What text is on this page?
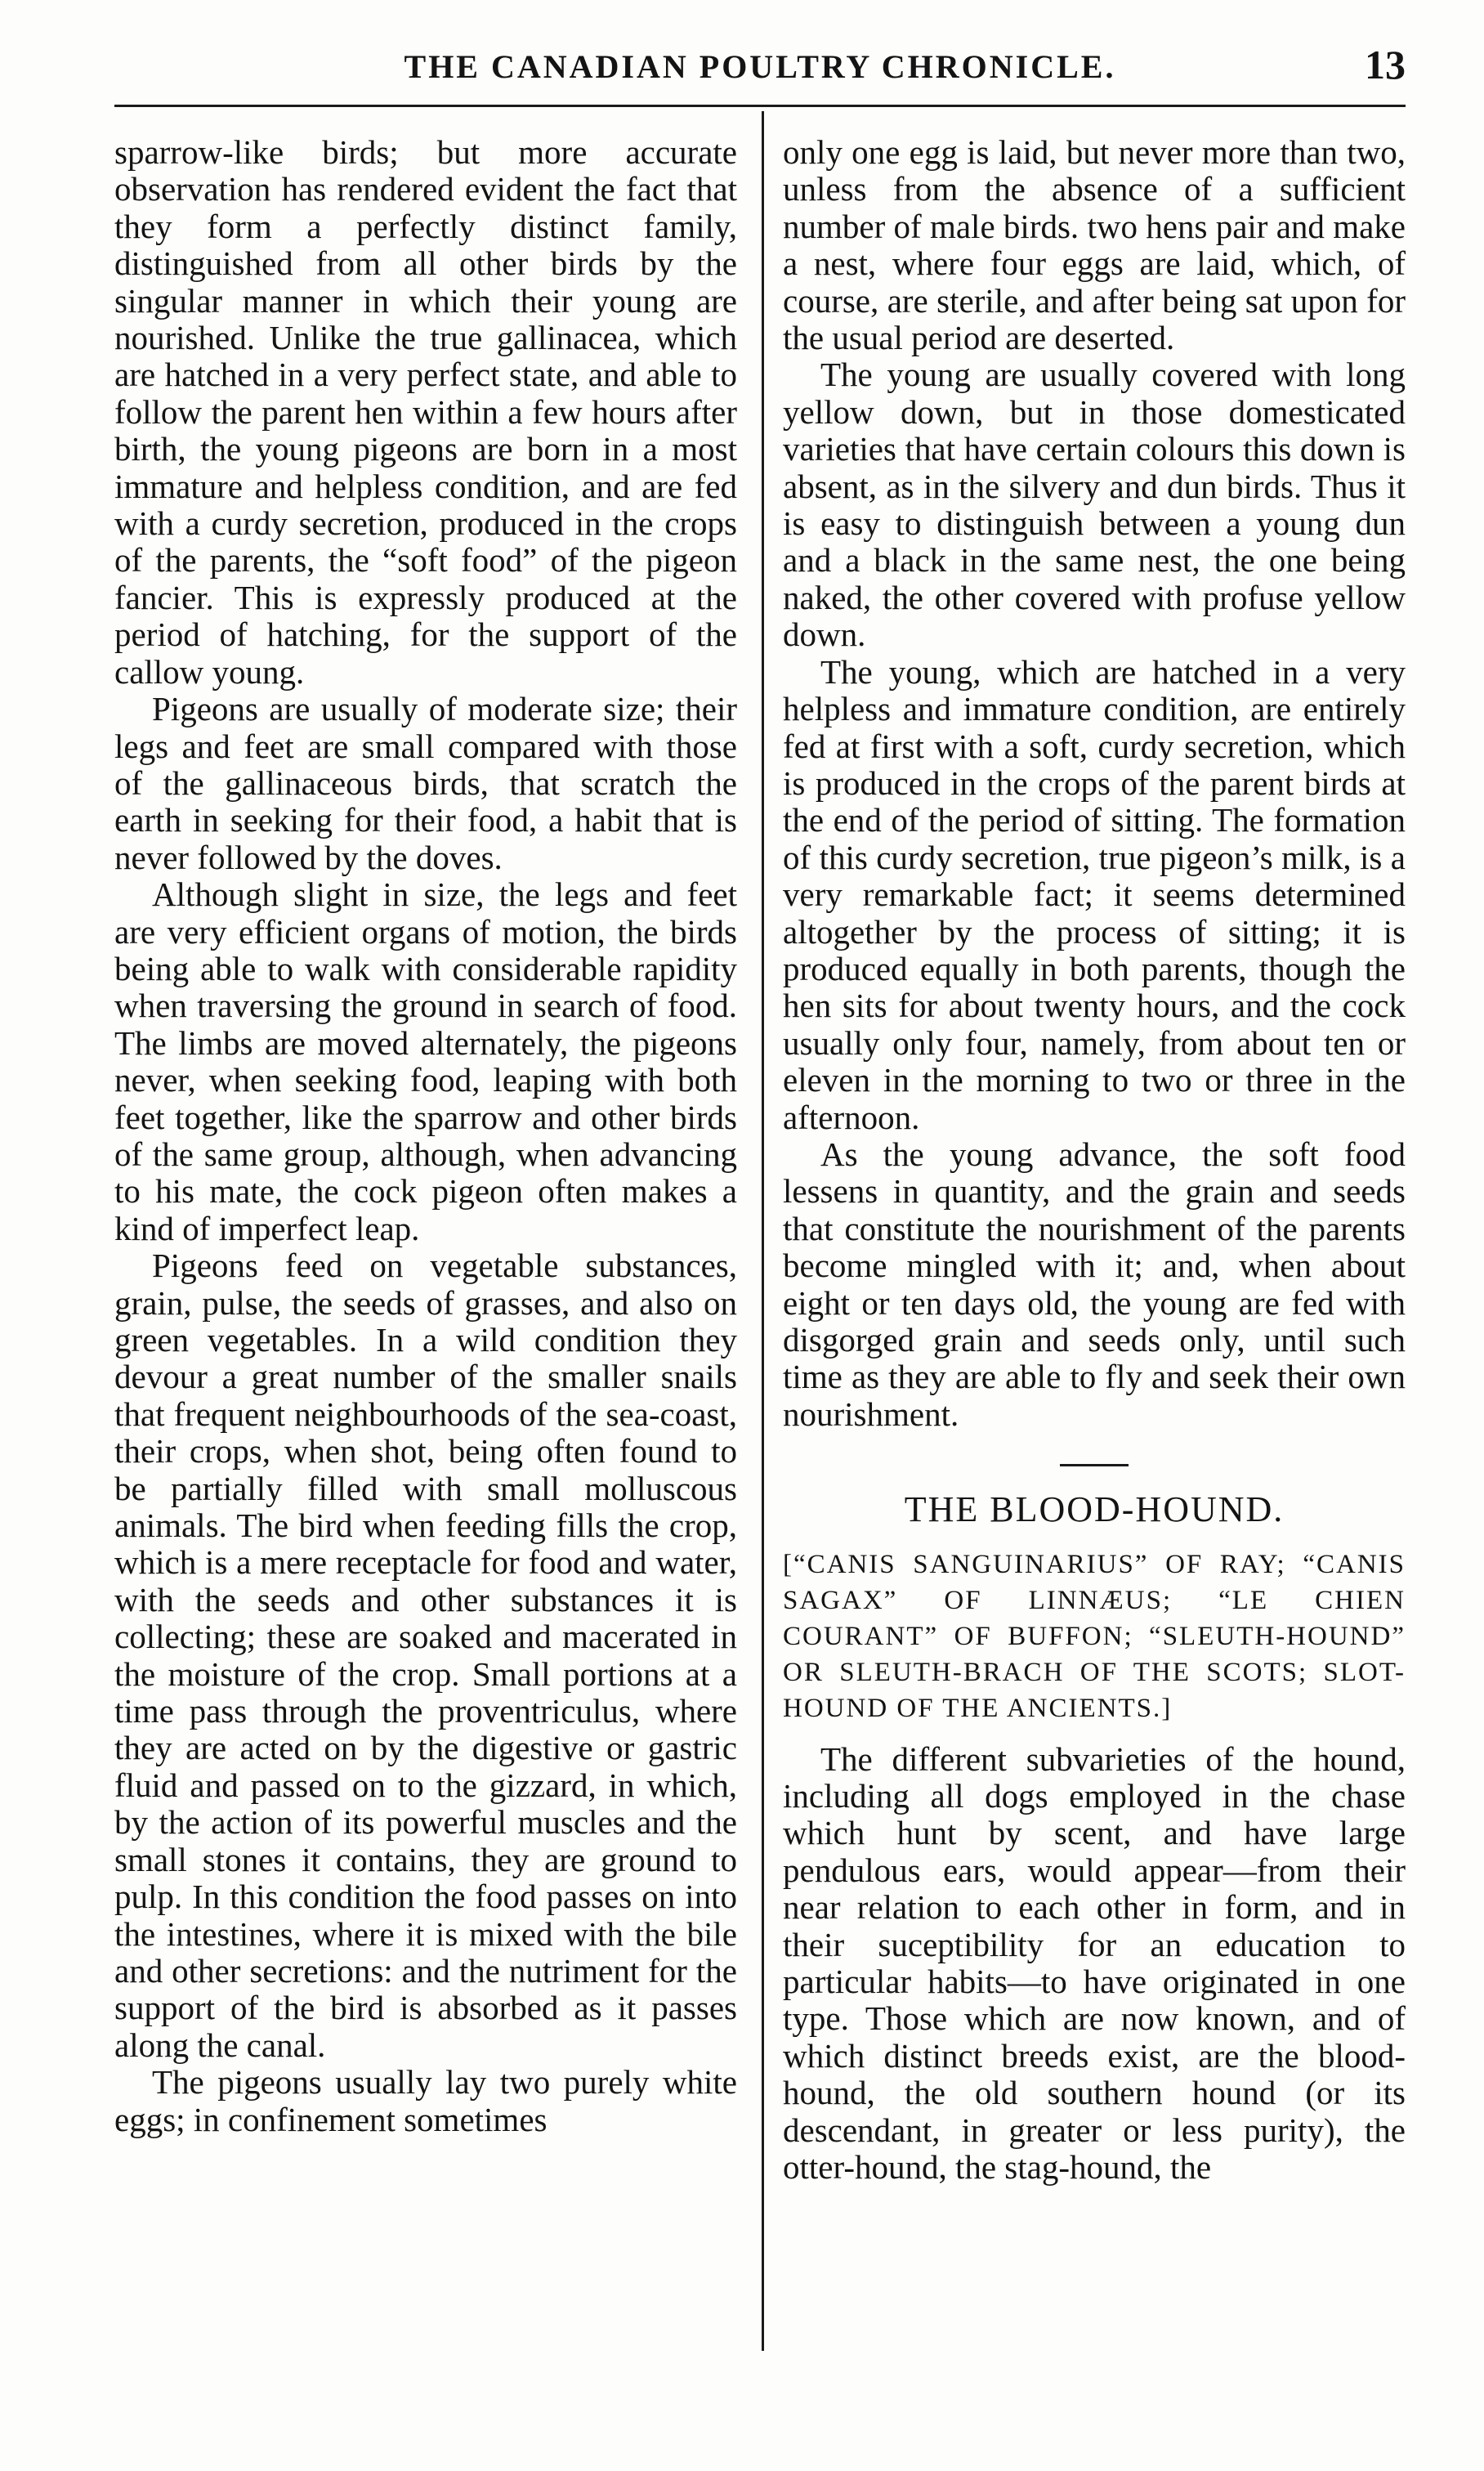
THE CANADIAN POULTRY CHRONICLE.	13

sparrow-like birds; but more accurate observation has rendered evident the fact that they form a perfectly distinct family, distinguished from all other birds by the singular manner in which their young are nourished. Unlike the true gallinacea, which are hatched in a very perfect state, and able to follow the parent hen within a few hours after birth, the young pigeons are born in a most immature and helpless condition, and are fed with a curdy secretion, produced in the crops of the parents, the “soft food” of the pigeon fancier. This is expressly produced at the period of hatching, for the support of the callow young.

Pigeons are usually of moderate size; their legs and feet are small compared with those of the gallinaceous birds, that scratch the earth in seeking for their food, a habit that is never followed by the doves.

Although slight in size, the legs and feet are very efficient organs of motion, the birds being able to walk with considerable rapidity when traversing the ground in search of food. The limbs are moved alternately, the pigeons never, when seeking food, leaping with both feet together, like the sparrow and other birds of the same group, although, when advancing to his mate, the cock pigeon often makes a kind of imperfect leap.

Pigeons feed on vegetable substances, grain, pulse, the seeds of grasses, and also on green vegetables. In a wild condition they devour a great number of the smaller snails that frequent neighbourhoods of the sea-coast, their crops, when shot, being often found to be partially filled with small molluscous animals. The bird when feeding fills the crop, which is a mere receptacle for food and water, with the seeds and other substances it is collecting; these are soaked and macerated in the moisture of the crop. Small portions at a time pass through the proventriculus, where they are acted on by the digestive or gastric fluid and passed on to the gizzard, in which, by the action of its powerful muscles and the small stones it contains, they are ground to pulp. In this condition the food passes on into the intestines, where it is mixed with the bile and other secretions: and the nutriment for the support of the bird is absorbed as it passes along the canal.

The pigeons usually lay two purely white eggs; in confinement sometimes

only one egg is laid, but never more than two, unless from the absence of a sufficient number of male birds. two hens pair and make a nest, where four eggs are laid, which, of course, are sterile, and after being sat upon for the usual period are deserted.

The young are usually covered with long yellow down, but in those domesticated varieties that have certain colours this down is absent, as in the silvery and dun birds. Thus it is easy to distinguish between a young dun and a black in the same nest, the one being naked, the other covered with profuse yellow down.

The young, which are hatched in a very helpless and immature condition, are entirely fed at first with a soft, curdy secretion, which is produced in the crops of the parent birds at the end of the period of sitting. The formation of this curdy secretion, true pigeon’s milk, is a very remarkable fact; it seems determined altogether by the process of sitting; it is produced equally in both parents, though the hen sits for about twenty hours, and the cock usually only four, namely, from about ten or eleven in the morning to two or three in the afternoon.

As the young advance, the soft food lessens in quantity, and the grain and seeds that constitute the nourishment of the parents become mingled with it; and, when about eight or ten days old, the young are fed with disgorged grain and seeds only, until such time as they are able to fly and seek their own nourishment.

THE BLOOD-HOUND.

[“CANIS SANGUINARIUS” OF RAY; “CANIS SAGAX” OF LINNÆUS; “LE CHIEN COURANT” OF BUFFON; “SLEUTH-HOUND” OR SLEUTH-BRACH OF THE SCOTS; SLOT-HOUND OF THE ANCIENTS.]

The different subvarieties of the hound, including all dogs employed in the chase which hunt by scent, and have large pendulous ears, would appear—from their near relation to each other in form, and in their suceptibility for an education to particular habits—to have originated in one type. Those which are now known, and of which distinct breeds exist, are the blood-hound, the old southern hound (or its descendant, in greater or less purity), the otter-hound, the stag-hound, the
